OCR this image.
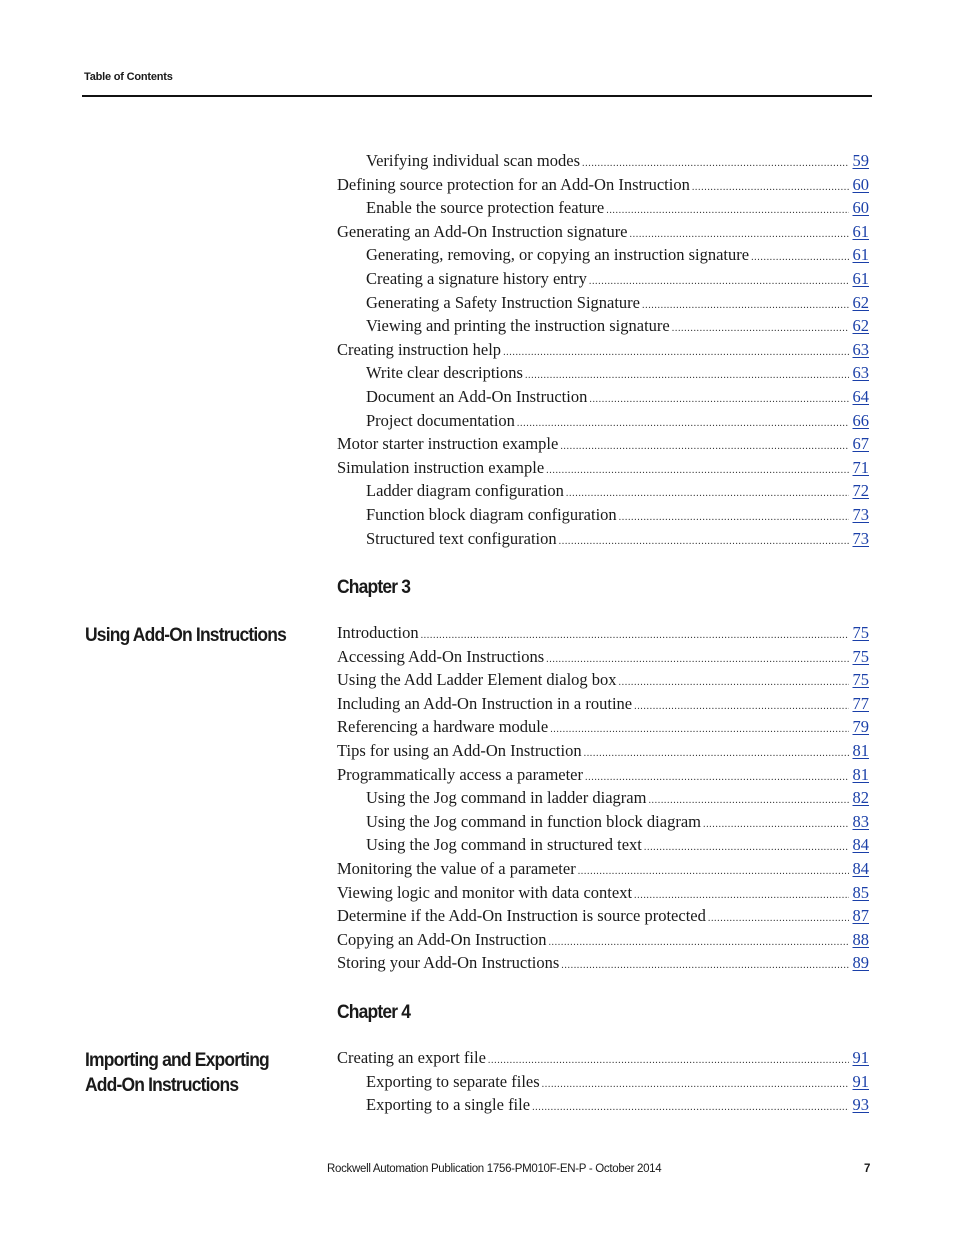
Table of Contents
Verifying individual scan modes .....	59
Defining source protection for an Add-On Instruction .....	60
Enable the source protection feature .....	60
Generating an Add-On Instruction signature .....	61
Generating, removing, or copying an instruction signature .....	61
Creating a signature history entry .....	61
Generating a Safety Instruction Signature .....	62
Viewing and printing the instruction signature .....	62
Creating instruction help .....	63
Write clear descriptions .....	63
Document an Add-On Instruction .....	64
Project documentation .....	66
Motor starter instruction example .....	67
Simulation instruction example .....	71
Ladder diagram configuration .....	72
Function block diagram configuration .....	73
Structured text configuration .....	73
Chapter 3
Using Add-On Instructions	Introduction .....	75
Accessing Add-On Instructions .....	75
Using the Add Ladder Element dialog box .....	75
Including an Add-On Instruction in a routine .....	77
Referencing a hardware module .....	79
Tips for using an Add-On Instruction .....	81
Programmatically access a parameter .....	81
Using the Jog command in ladder diagram .....	82
Using the Jog command in function block diagram .....	83
Using the Jog command in structured text .....	84
Monitoring the value of a parameter .....	84
Viewing logic and monitor with data context .....	85
Determine if the Add-On Instruction is source protected .....	87
Copying an Add-On Instruction .....	88
Storing your Add-On Instructions .....	89
Chapter 4
Importing and Exporting Add-On Instructions
Creating an export file .....	91
Exporting to separate files .....	91
Exporting to a single file .....	93
Rockwell Automation Publication 1756-PM010F-EN-P - October 2014	7
